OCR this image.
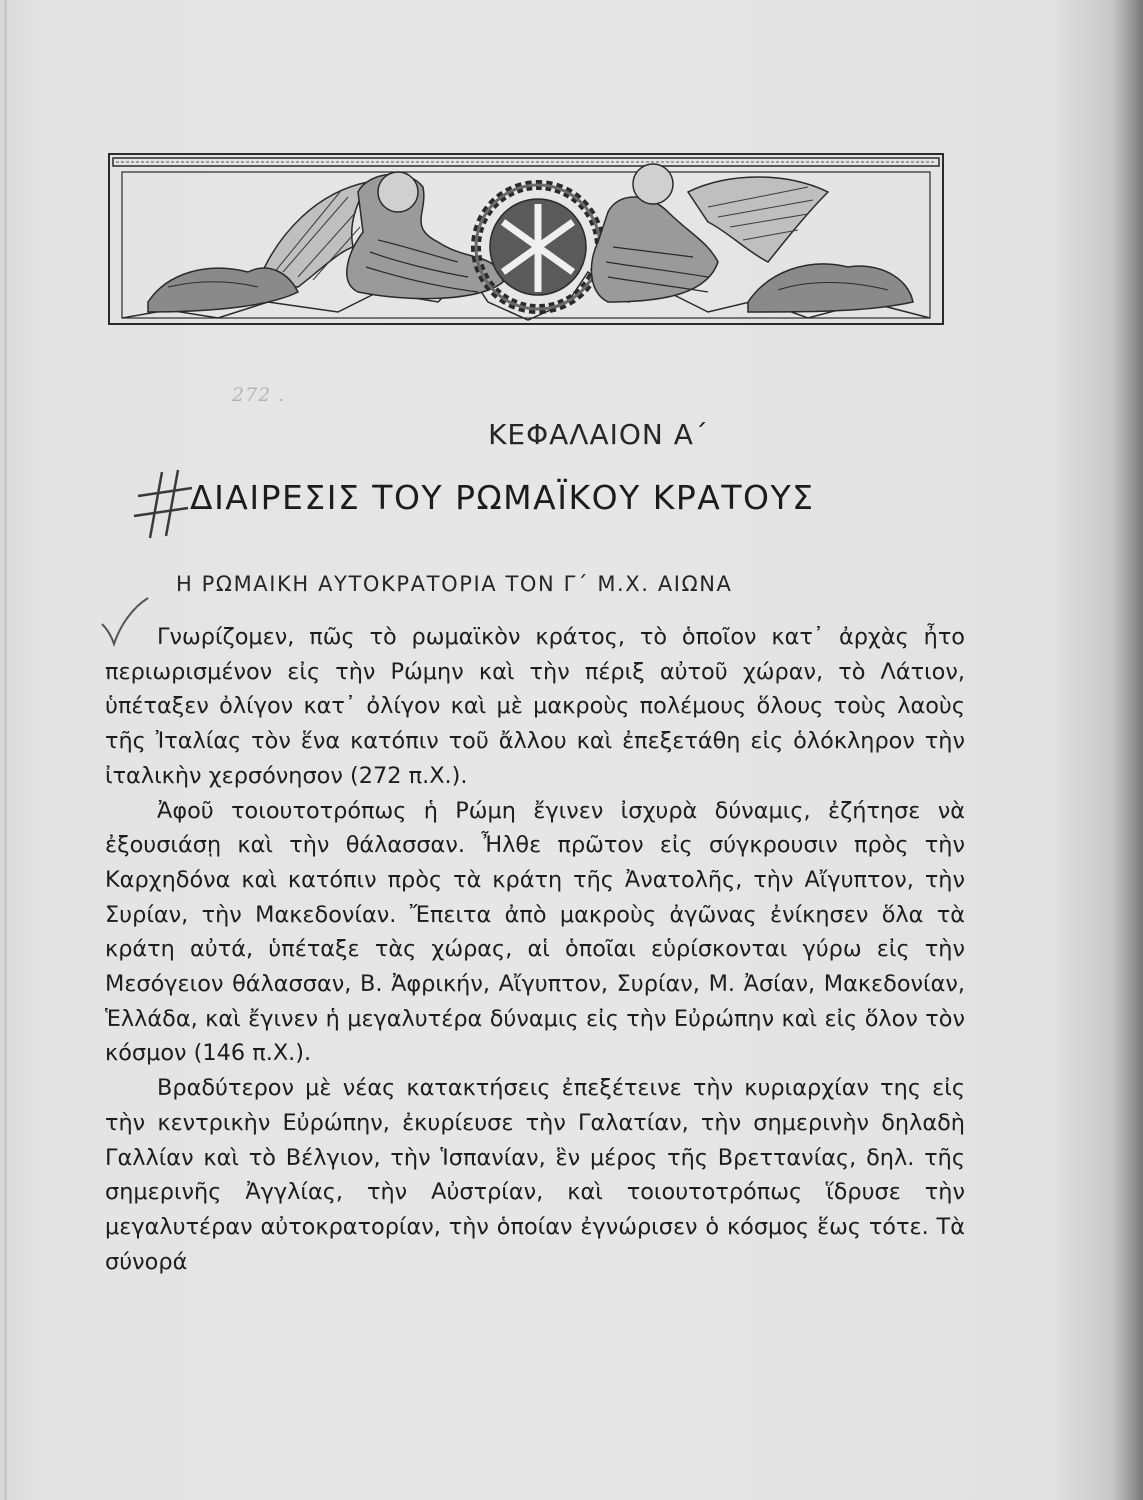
272 .
ΚΕΦΑΛΑΙΟΝ Α΄
ΔΙΑΙΡΕΣΙΣ ΤΟΥ ΡΩΜΑΪΚΟΥ ΚΡΑΤΟΥΣ
Η ΡΩΜΑΙΚΗ ΑΥΤΟΚΡΑΤΟΡΙΑ ΤΟΝ Γ΄ Μ.Χ. ΑΙΩΝΑ

Γνωρίζομεν, πῶς τὸ ρωμαϊκὸν κράτος, τὸ ὁποῖον κατ᾽ ἀρχὰς ἦτο περιωρισμένον εἰς τὴν Ρώμην καὶ τὴν πέριξ αὐτοῦ χώραν, τὸ Λάτιον, ὑπέταξεν ὀλίγον κατ᾽ ὀλίγον καὶ μὲ μακροὺς πολέμους ὅλους τοὺς λαοὺς τῆς Ἰταλίας τὸν ἕνα κατόπιν τοῦ ἄλλου καὶ ἐπεξετάθη εἰς ὁλόκληρον τὴν ἰταλικὴν χερσόνησον (272 π.Χ.).

Ἀφοῦ τοιουτοτρόπως ἡ Ρώμη ἔγινεν ἰσχυρὰ δύναμις, ἐζήτησε νὰ ἐξουσιάσῃ καὶ τὴν θάλασσαν. Ἦλθε πρῶτον εἰς σύγκρουσιν πρὸς τὴν Καρχηδόνα καὶ κατόπιν πρὸς τὰ κράτη τῆς Ἀνατολῆς, τὴν Αἴγυπτον, τὴν Συρίαν, τὴν Μακεδονίαν. Ἔπειτα ἀπὸ μακροὺς ἀγῶνας ἐνίκησεν ὅλα τὰ κράτη αὐτά, ὑπέταξε τὰς χώρας, αἱ ὁποῖαι εὑρίσκονται γύρω εἰς τὴν Μεσόγειον θάλασσαν, Β. Ἀφρικήν, Αἴγυπτον, Συρίαν, Μ. Ἀσίαν, Μακεδονίαν, Ἑλλάδα, καὶ ἔγινεν ἡ μεγαλυτέρα δύναμις εἰς τὴν Εὐρώπην καὶ εἰς ὅλον τὸν κόσμον (146 π.Χ.).

Βραδύτερον μὲ νέας κατακτήσεις ἐπεξέτεινε τὴν κυριαρχίαν της εἰς τὴν κεντρικὴν Εὐρώπην, ἐκυρίευσε τὴν Γαλατίαν, τὴν σημερινὴν δηλαδὴ Γαλλίαν καὶ τὸ Βέλγιον, τὴν Ἱσπανίαν, ἓν μέρος τῆς Βρεττανίας, δηλ. τῆς σημερινῆς Ἀγγλίας, τὴν Αὐστρίαν, καὶ τοιουτοτρόπως ἵδρυσε τὴν μεγαλυτέραν αὐτοκρατορίαν, τὴν ὁποίαν ἐγνώρισεν ὁ κόσμος ἕως τότε. Τὰ σύνορά
